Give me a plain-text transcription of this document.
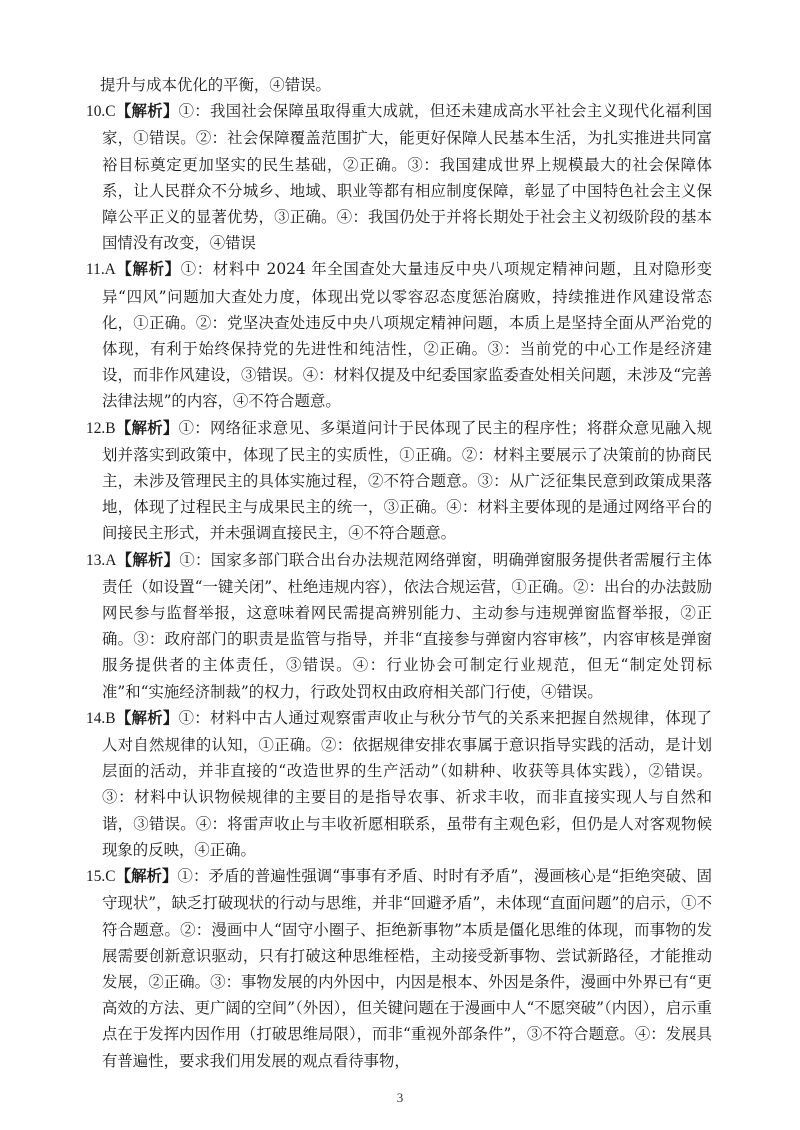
提升与成本优化的平衡，④错误。

10.C【解析】①：我国社会保障虽取得重大成就，但还未建成高水平社会主义现代化福利国家，①错误。②：社会保障覆盖范围扩大，能更好保障人民基本生活，为扎实推进共同富裕目标奠定更加坚实的民生基础，②正确。③：我国建成世界上规模最大的社会保障体系，让人民群众不分城乡、地域、职业等都有相应制度保障，彰显了中国特色社会主义保障公平正义的显著优势，③正确。④：我国仍处于并将长期处于社会主义初级阶段的基本国情没有改变，④错误

11.A【解析】①：材料中 2024 年全国查处大量违反中央八项规定精神问题，且对隐形变异“四风”问题加大查处力度，体现出党以零容忍态度惩治腐败，持续推进作风建设常态化，①正确。②：党坚决查处违反中央八项规定精神问题，本质上是坚持全面从严治党的体现，有利于始终保持党的先进性和纯洁性，②正确。③：当前党的中心工作是经济建设，而非作风建设，③错误。④：材料仅提及中纪委国家监委查处相关问题，未涉及“完善法律法规”的内容，④不符合题意。

12.B【解析】①：网络征求意见、多渠道问计于民体现了民主的程序性；将群众意见融入规划并落实到政策中，体现了民主的实质性，①正确。②：材料主要展示了决策前的协商民主，未涉及管理民主的具体实施过程，②不符合题意。③：从广泛征集民意到政策成果落地，体现了过程民主与成果民主的统一，③正确。④：材料主要体现的是通过网络平台的间接民主形式，并未强调直接民主，④不符合题意。

13.A【解析】①：国家多部门联合出台办法规范网络弹窗，明确弹窗服务提供者需履行主体责任（如设置“一键关闭”、杜绝违规内容），依法合规运营，①正确。②：出台的办法鼓励网民参与监督举报，这意味着网民需提高辨别能力、主动参与违规弹窗监督举报，②正确。③：政府部门的职责是监管与指导，并非“直接参与弹窗内容审核”，内容审核是弹窗服务提供者的主体责任，③错误。④：行业协会可制定行业规范，但无“制定处罚标准”和“实施经济制裁”的权力，行政处罚权由政府相关部门行使，④错误。

14.B【解析】①：材料中古人通过观察雷声收止与秋分节气的关系来把握自然规律，体现了人对自然规律的认知，①正确。②：依据规律安排农事属于意识指导实践的活动，是计划层面的活动，并非直接的“改造世界的生产活动”（如耕种、收获等具体实践），②错误。③：材料中认识物候规律的主要目的是指导农事、祈求丰收，而非直接实现人与自然和谐，③错误。④：将雷声收止与丰收祈愿相联系，虽带有主观色彩，但仍是人对客观物候现象的反映，④正确。

15.C【解析】①：矛盾的普遍性强调“事事有矛盾、时时有矛盾”，漫画核心是“拒绝突破、固守现状”，缺乏打破现状的行动与思维，并非“回避矛盾”，未体现“直面问题”的启示，①不符合题意。②：漫画中人“固守小圈子、拒绝新事物”本质是僵化思维的体现，而事物的发展需要创新意识驱动，只有打破这种思维桎梏，主动接受新事物、尝试新路径，才能推动发展，②正确。③：事物发展的内外因中，内因是根本、外因是条件，漫画中外界已有“更高效的方法、更广阔的空间”（外因），但关键问题在于漫画中人“不愿突破”（内因），启示重点在于发挥内因作用（打破思维局限），而非“重视外部条件”，③不符合题意。④：发展具有普遍性，要求我们用发展的观点看待事物，

3
